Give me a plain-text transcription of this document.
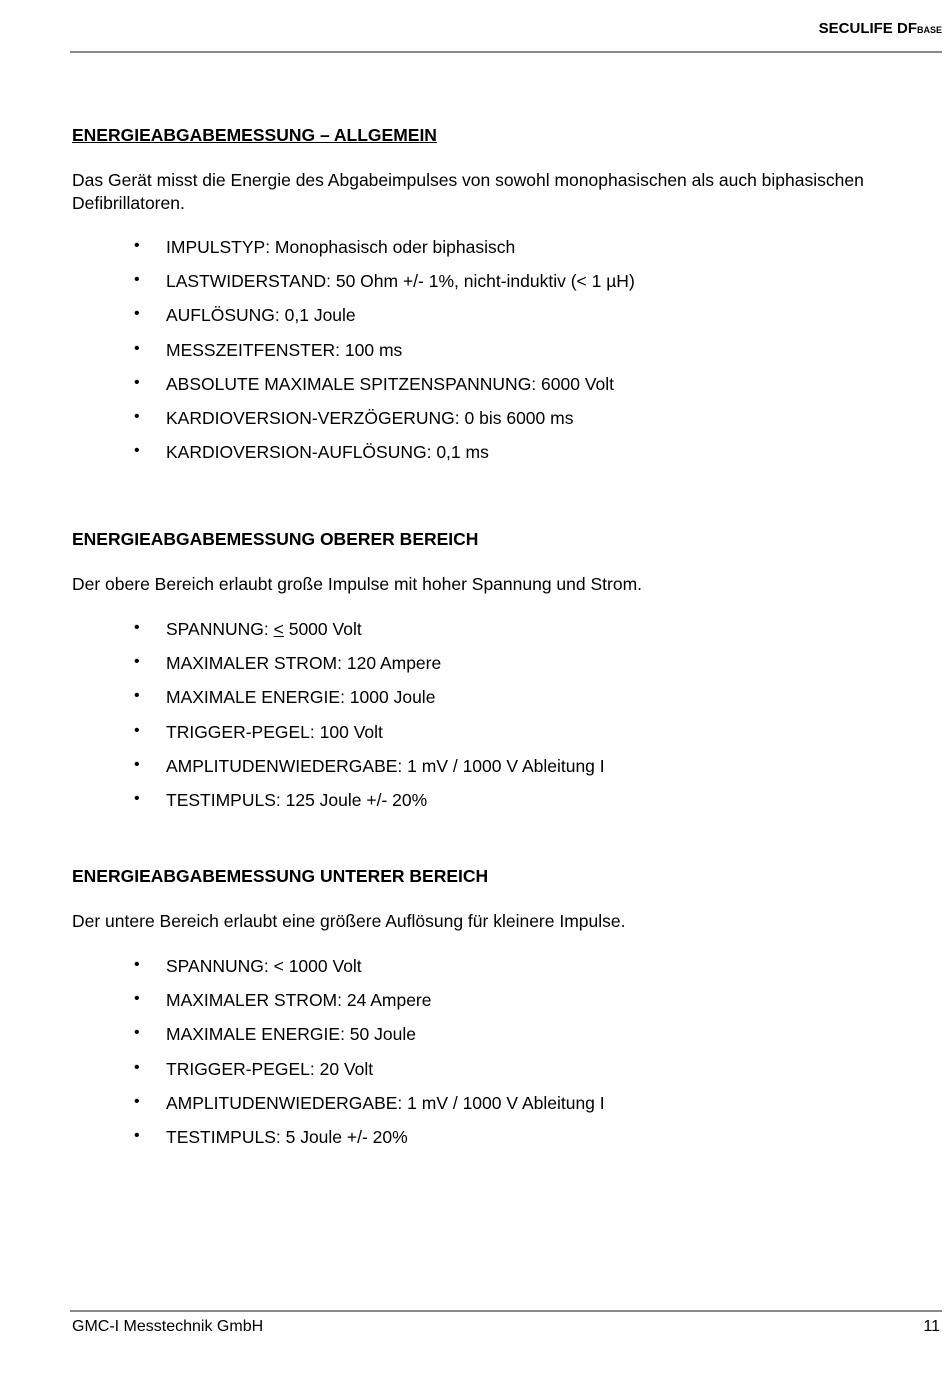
SECULIFE DFBASE
ENERGIEABGABEMESSUNG – ALLGEMEIN
Das Gerät misst die Energie des Abgabeimpulses von sowohl monophasischen als auch biphasischen Defibrillatoren.
• IMPULSTYP: Monophasisch oder biphasisch
• LASTWIDERSTAND: 50 Ohm +/- 1%, nicht-induktiv (< 1 µH)
• AUFLÖSUNG: 0,1 Joule
• MESSZEITFENSTER: 100 ms
• ABSOLUTE MAXIMALE SPITZENSPANNUNG: 6000 Volt
• KARDIOVERSION-VERZÖGERUNG: 0 bis 6000 ms
• KARDIOVERSION-AUFLÖSUNG: 0,1 ms
ENERGIEABGABEMESSUNG OBERER BEREICH
Der obere Bereich erlaubt große Impulse mit hoher Spannung und Strom.
• SPANNUNG: < 5000 Volt
• MAXIMALER STROM: 120 Ampere
• MAXIMALE ENERGIE: 1000 Joule
• TRIGGER-PEGEL: 100 Volt
• AMPLITUDENWIEDERGABE: 1 mV / 1000 V Ableitung I
• TESTIMPULS: 125 Joule +/- 20%
ENERGIEABGABEMESSUNG UNTERER BEREICH
Der untere Bereich erlaubt eine größere Auflösung für kleinere Impulse.
• SPANNUNG: < 1000 Volt
• MAXIMALER STROM: 24 Ampere
• MAXIMALE ENERGIE: 50 Joule
• TRIGGER-PEGEL: 20 Volt
• AMPLITUDENWIEDERGABE: 1 mV / 1000 V Ableitung I
• TESTIMPULS: 5 Joule +/- 20%
GMC-I Messtechnik GmbH	11
